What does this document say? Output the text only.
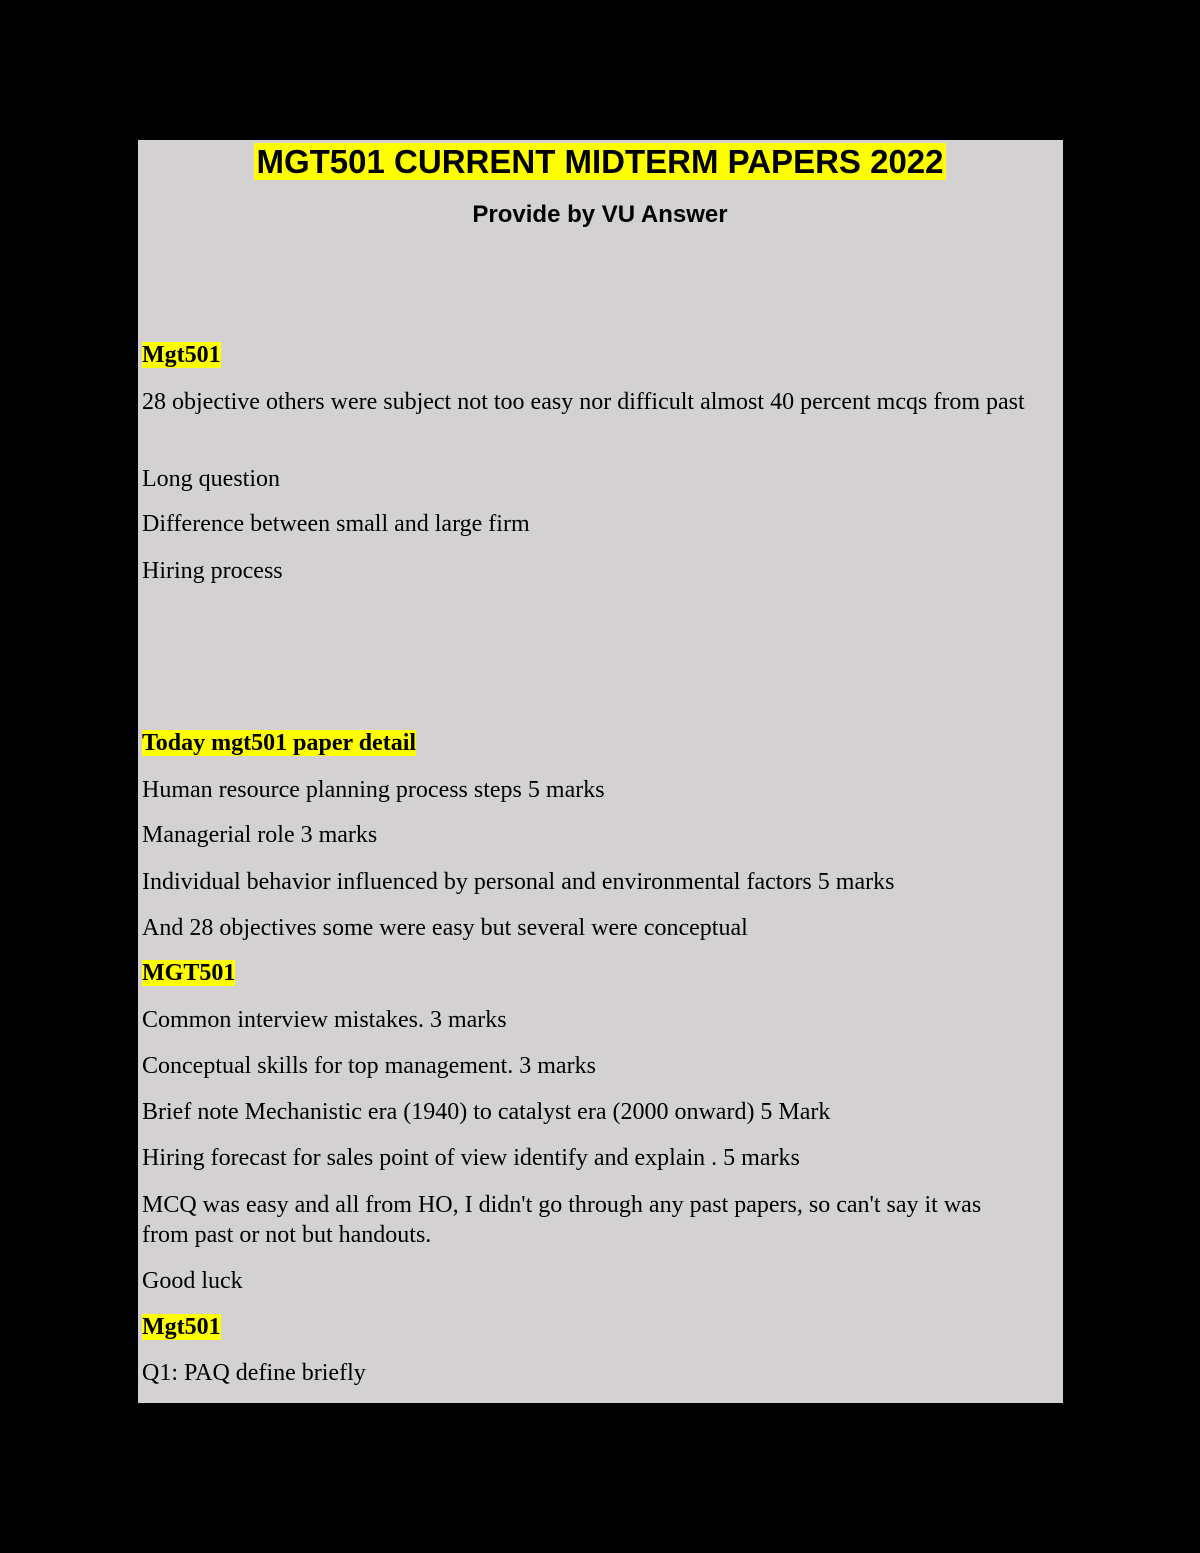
MGT501 CURRENT MIDTERM PAPERS 2022
Provide by VU Answer

Mgt501

28 objective others were subject not too easy nor difficult almost 40 percent mcqs from past

Long question

Difference between small and large firm

Hiring process

Today mgt501 paper detail

Human resource planning process steps 5 marks

Managerial role 3 marks

Individual behavior influenced by personal and environmental factors 5 marks

And 28 objectives some were easy but several were conceptual

MGT501

Common interview mistakes. 3 marks

Conceptual skills for top management. 3 marks

Brief note Mechanistic era (1940) to catalyst era (2000 onward) 5 Mark

Hiring forecast for sales point of view identify and explain . 5 marks

MCQ was easy and all from HO, I didn't go through any past papers, so can't say it was from past or not but handouts.

Good luck

Mgt501

Q1: PAQ define briefly
